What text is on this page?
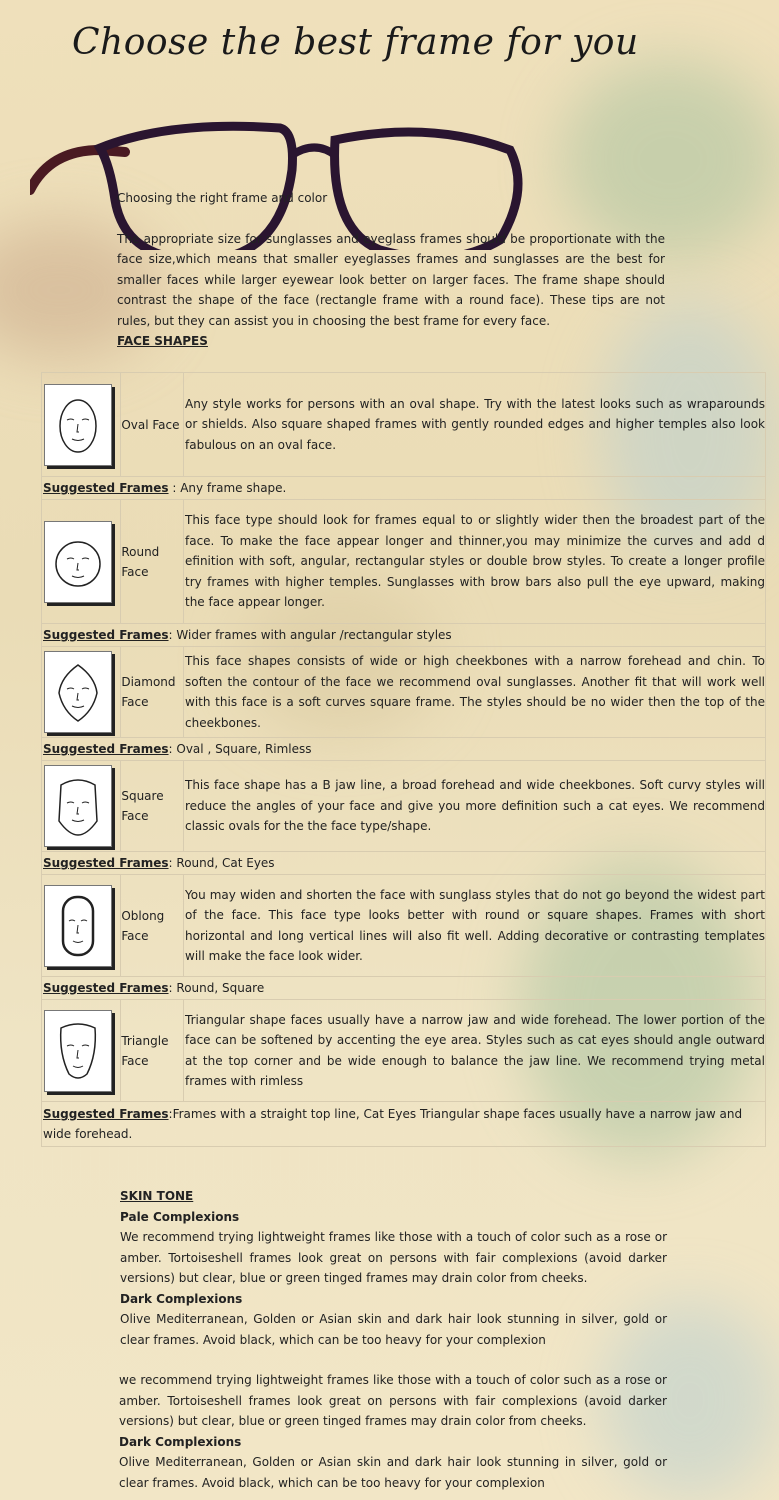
Choose the best frame for you

Choosing the right frame and color

The appropriate size for sunglasses and eyeglass frames should be proportionate with the face size,which means that smaller eyeglasses frames and sunglasses are the best for smaller faces while larger eyewear look better on larger faces. The frame shape should contrast the shape of the face (rectangle frame with a round face). These tips are not rules, but they can assist you in choosing the best frame for every face.

FACE SHAPES
	Oval Face	Any style works for persons with an oval shape. Try with the latest looks such as wraparounds or shields. Also square shaped frames with gently rounded edges and higher temples also look fabulous on an oval face.

Suggested Frames : Any frame shape.		

	Round Face	This face type should look for frames equal to or slightly wider then the broadest part of the face. To make the face appear longer and thinner,you may minimize the curves and add d efinition with soft, angular, rectangular styles or double brow styles. To create a longer profile try frames with higher temples. Sunglasses with brow bars also pull the eye upward, making the face appear longer.

Suggested Frames: Wider frames with angular /rectangular styles		

	Diamond Face	This face shapes consists of wide or high cheekbones with a narrow forehead and chin. To soften the contour of the face we recommend oval sunglasses. Another fit that will work well with this face is a soft curves square frame. The styles should be no wider then the top of the cheekbones.

Suggested Frames: Oval , Square, Rimless		

	Square Face	This face shape has a B jaw line, a broad forehead and wide cheekbones. Soft curvy styles will reduce the angles of your face and give you more definition such a cat eyes. We recommend classic ovals for the the face type/shape.

Suggested Frames: Round, Cat Eyes		

	Oblong Face	You may widen and shorten the face with sunglass styles that do not go beyond the widest part of the face. This face type looks better with round or square shapes. Frames with short horizontal and long vertical lines will also fit well. Adding decorative or contrasting templates will make the face look wider.

Suggested Frames: Round, Square		

	Triangle Face	Triangular shape faces usually have a narrow jaw and wide forehead. The lower portion of the face can be softened by accenting the eye area. Styles such as cat eyes should angle outward at the top corner and be wide enough to balance the jaw line. We recommend trying metal frames with rimless

Suggested Frames:Frames with a straight top line, Cat Eyes Triangular shape faces usually have a narrow jaw and wide forehead.		
SKIN TONE

Pale Complexions

We recommend trying lightweight frames like those with a touch of color such as a rose or amber. Tortoiseshell frames look great on persons with fair complexions (avoid darker versions) but clear, blue or green tinged frames may drain color from cheeks.

Dark Complexions

Olive Mediterranean, Golden or Asian skin and dark hair look stunning in silver, gold or clear frames. Avoid black, which can be too heavy for your complexion

we recommend trying lightweight frames like those with a touch of color such as a rose or amber. Tortoiseshell frames look great on persons with fair complexions (avoid darker versions) but clear, blue or green tinged frames may drain color from cheeks.

Dark Complexions

Olive Mediterranean, Golden or Asian skin and dark hair look stunning in silver, gold or clear frames. Avoid black, which can be too heavy for your complexion
